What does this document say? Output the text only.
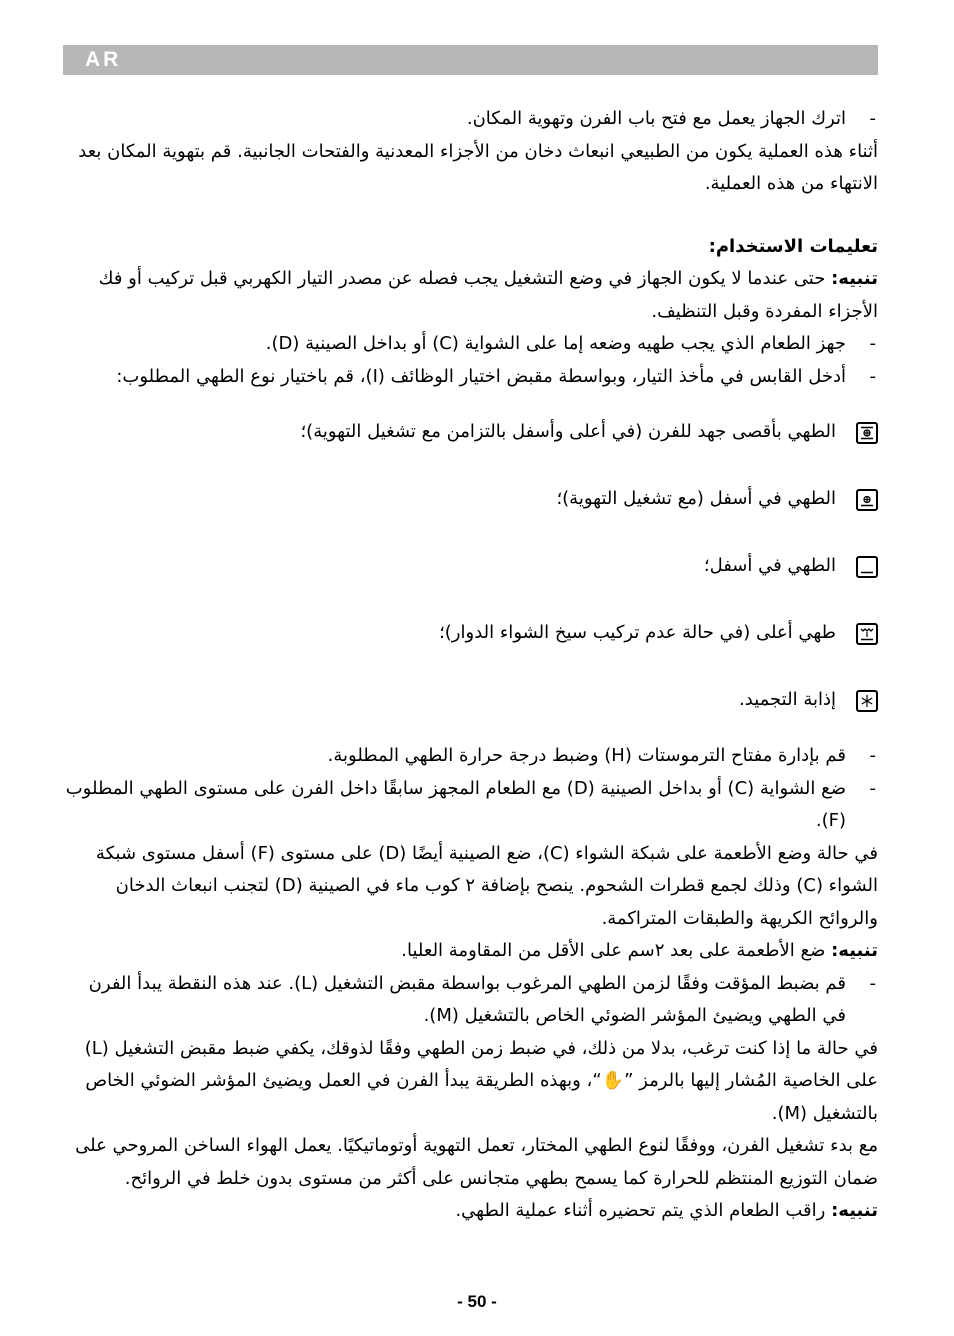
AR

- اترك الجهاز يعمل مع فتح باب الفرن وتهوية المكان.

أثناء هذه العملية يكون من الطبيعي انبعاث دخان من الأجزاء المعدنية والفتحات الجانبية. قم بتهوية المكان بعد الانتهاء من هذه العملية.

تعليمات الاستخدام:

تنبيه: حتى عندما لا يكون الجهاز في وضع التشغيل يجب فصله عن مصدر التيار الكهربي قبل تركيب أو فك الأجزاء المفردة وقبل التنظيف.

- جهز الطعام الذي يجب طهيه وضعه إما على الشواية (C) أو بداخل الصينية (D).

- أدخل القابس في مأخذ التيار، وبواسطة مقبض اختيار الوظائف (I)، قم باختيار نوع الطهي المطلوب:

الطهي بأقصى جهد للفرن (في أعلى وأسفل بالتزامن مع تشغيل التهوية)؛
الطهي في أسفل (مع تشغيل التهوية)؛
الطهي في أسفل؛
طهي أعلى (في حالة عدم تركيب سيخ الشواء الدوار)؛
إذابة التجميد.

- قم بإدارة مفتاح الترموستات (H) وضبط درجة حرارة الطهي المطلوبة.

- ضع الشواية (C) أو بداخل الصينية (D) مع الطعام المجهز سابقًا داخل الفرن على مستوى الطهي المطلوب (F).

في حالة وضع الأطعمة على شبكة الشواء (C)، ضع الصينية أيضًا (D) على مستوى (F) أسفل مستوى شبكة الشواء (C) وذلك لجمع قطرات الشحوم. ينصح بإضافة ٢ كوب ماء في الصينية (D) لتجنب انبعاث الدخان والروائح الكريهة والطبقات المتراكمة.

تنبيه: ضع الأطعمة على بعد ٢سم على الأقل من المقاومة العليا.

- قم بضبط المؤقت وفقًا لزمن الطهي المرغوب بواسطة مقبض التشغيل (L). عند هذه النقطة يبدأ الفرن في الطهي ويضيئ المؤشر الضوئي الخاص بالتشغيل (M).

في حالة ما إذا كنت ترغب، بدلا من ذلك، في ضبط زمن الطهي وفقًا لذوقك، يكفي ضبط مقبض التشغيل (L) على الخاصية المُشار إليها بالرمز ”✋“، وبهذه الطريقة يبدأ الفرن في العمل ويضيئ المؤشر الضوئي الخاص بالتشغيل (M).

مع بدء تشغيل الفرن، ووفقًا لنوع الطهي المختار، تعمل التهوية أوتوماتيكيًا. يعمل الهواء الساخن المروحي على ضمان التوزيع المنتظم للحرارة كما يسمح بطهي متجانس على أكثر من مستوى بدون خلط في الروائح.

تنبيه: راقب الطعام الذي يتم تحضيره أثناء عملية الطهي.

- 50 -
